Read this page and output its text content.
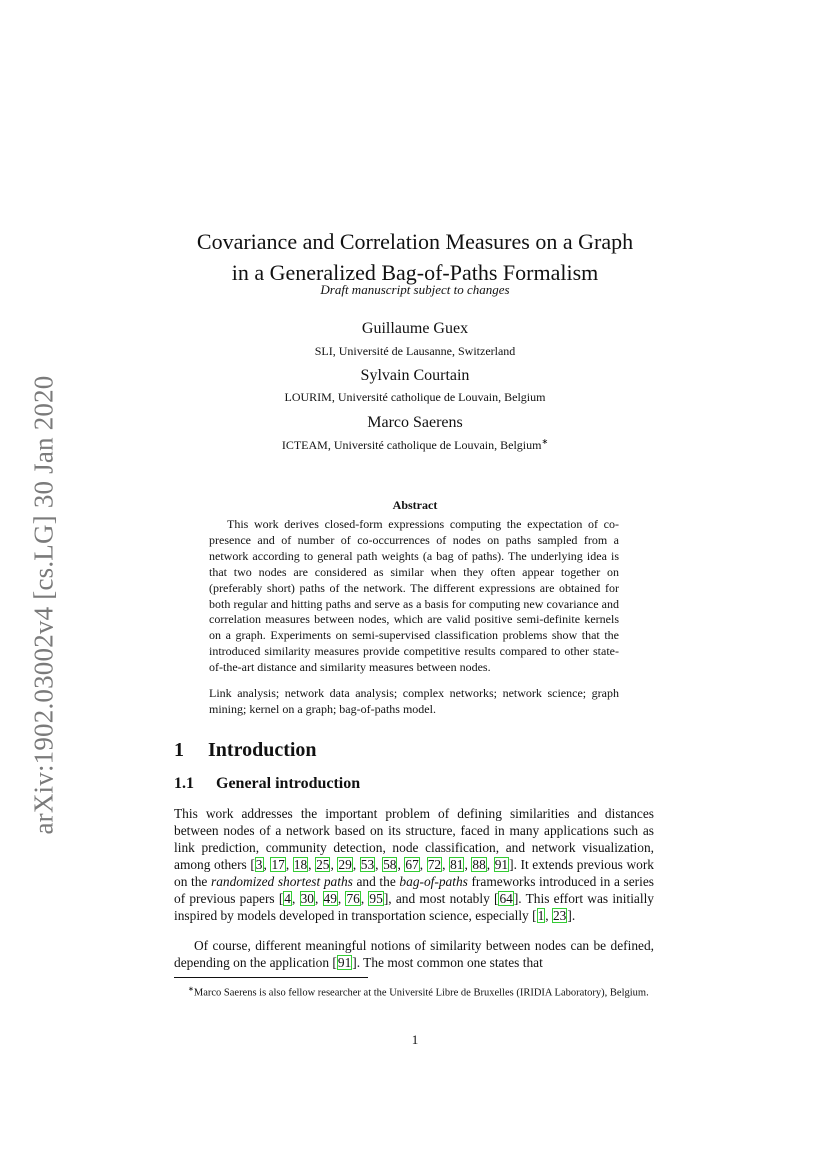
arXiv:1902.03002v4 [cs.LG] 30 Jan 2020
Covariance and Correlation Measures on a Graph
in a Generalized Bag-of-Paths Formalism
Draft manuscript subject to changes
Guillaume Guex
SLI, Université de Lausanne, Switzerland
Sylvain Courtain
LOURIM, Université catholique de Louvain, Belgium
Marco Saerens
ICTEAM, Université catholique de Louvain, Belgium∗
Abstract

This work derives closed-form expressions computing the expectation of co-presence and of number of co-occurrences of nodes on paths sampled from a network according to general path weights (a bag of paths). The underlying idea is that two nodes are considered as similar when they often appear together on (preferably short) paths of the network. The different expressions are obtained for both regular and hitting paths and serve as a basis for computing new covariance and correlation measures between nodes, which are valid positive semi-definite kernels on a graph. Experiments on semi-supervised classification problems show that the introduced similarity measures provide competitive results compared to other state-of-the-art distance and similarity measures between nodes.

Link analysis; network data analysis; complex networks; network science; graph mining; kernel on a graph; bag-of-paths model.

1 Introduction
1.1 General introduction

This work addresses the important problem of defining similarities and distances between nodes of a network based on its structure, faced in many applications such as link prediction, community detection, node classification, and network visualization, among others [3, 17, 18, 25, 29, 53, 58, 67, 72, 81, 88, 91]. It extends previous work on the randomized shortest paths and the bag-of-paths frameworks introduced in a series of previous papers [4, 30, 49, 76, 95], and most notably [64]. This effort was initially inspired by models developed in transportation science, especially [1, 23].

Of course, different meaningful notions of similarity between nodes can be defined, depending on the application [91]. The most common one states that

∗Marco Saerens is also fellow researcher at the Université Libre de Bruxelles (IRIDIA Laboratory), Belgium.

1
